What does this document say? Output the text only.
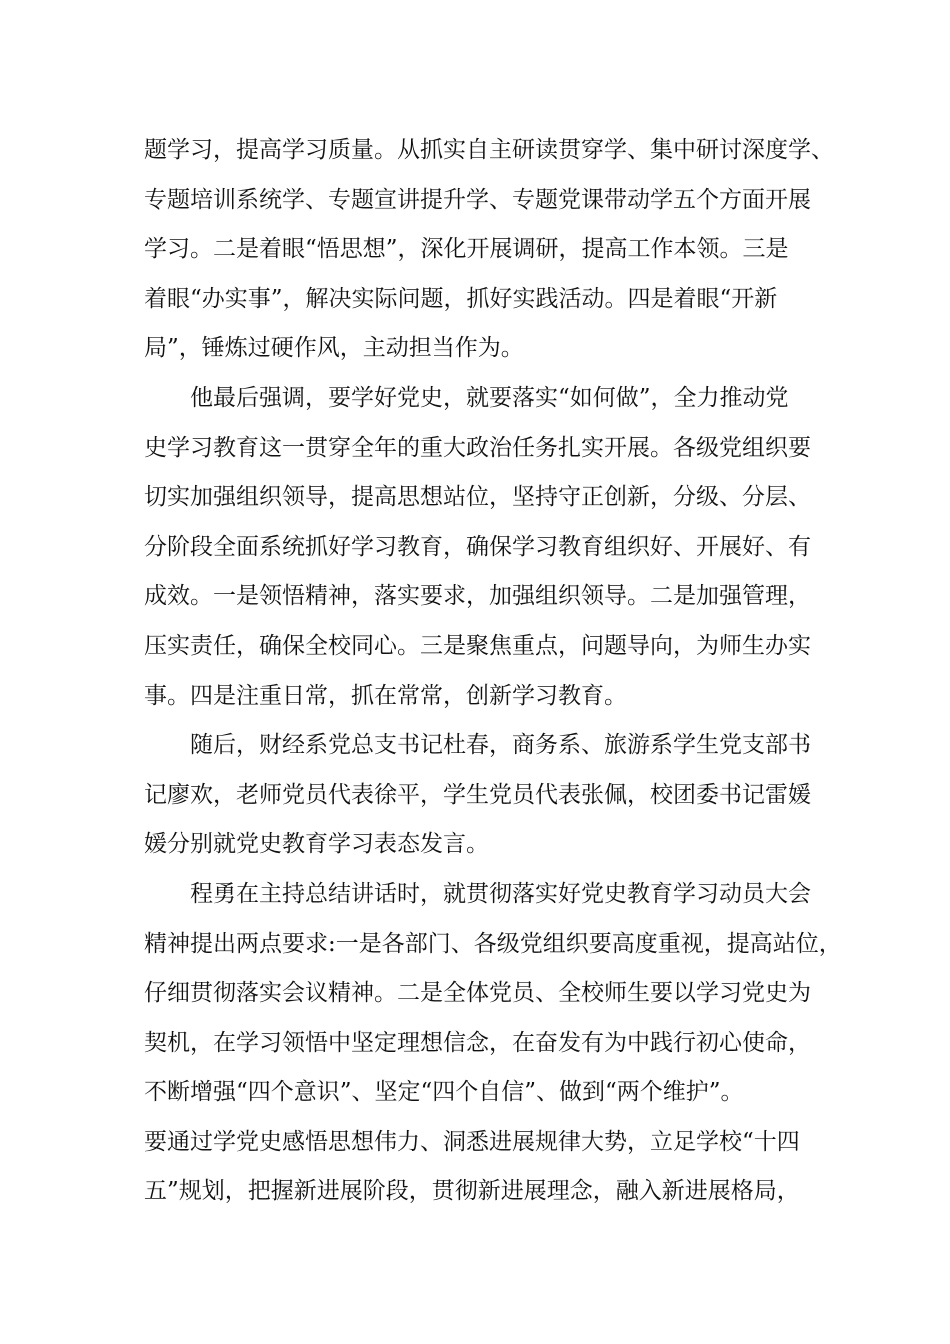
题学习，提高学习质量。从抓实自主研读贯穿学、集中研讨深度学、
专题培训系统学、专题宣讲提升学、专题党课带动学五个方面开展
学习。二是着眼“悟思想”，深化开展调研，提高工作本领。三是
着眼“办实事”，解决实际问题，抓好实践活动。四是着眼“开新
局”，锤炼过硬作风，主动担当作为。
他最后强调，要学好党史，就要落实“如何做”，全力推动党
史学习教育这一贯穿全年的重大政治任务扎实开展。各级党组织要
切实加强组织领导，提高思想站位，坚持守正创新，分级、分层、
分阶段全面系统抓好学习教育，确保学习教育组织好、开展好、有
成效。一是领悟精神，落实要求，加强组织领导。二是加强管理，
压实责任，确保全校同心。三是聚焦重点，问题导向，为师生办实
事。四是注重日常，抓在常常，创新学习教育。
随后，财经系党总支书记杜春，商务系、旅游系学生党支部书
记廖欢，老师党员代表徐平，学生党员代表张佩，校团委书记雷媛
媛分别就党史教育学习表态发言。
程勇在主持总结讲话时，就贯彻落实好党史教育学习动员大会
精神提出两点要求:一是各部门、各级党组织要高度重视，提高站位，
仔细贯彻落实会议精神。二是全体党员、全校师生要以学习党史为
契机，在学习领悟中坚定理想信念，在奋发有为中践行初心使命，
不断增强“四个意识”、坚定“四个自信”、做到“两个维护”。
要通过学党史感悟思想伟力、洞悉进展规律大势，立足学校“十四
五”规划，把握新进展阶段，贯彻新进展理念，融入新进展格局，
